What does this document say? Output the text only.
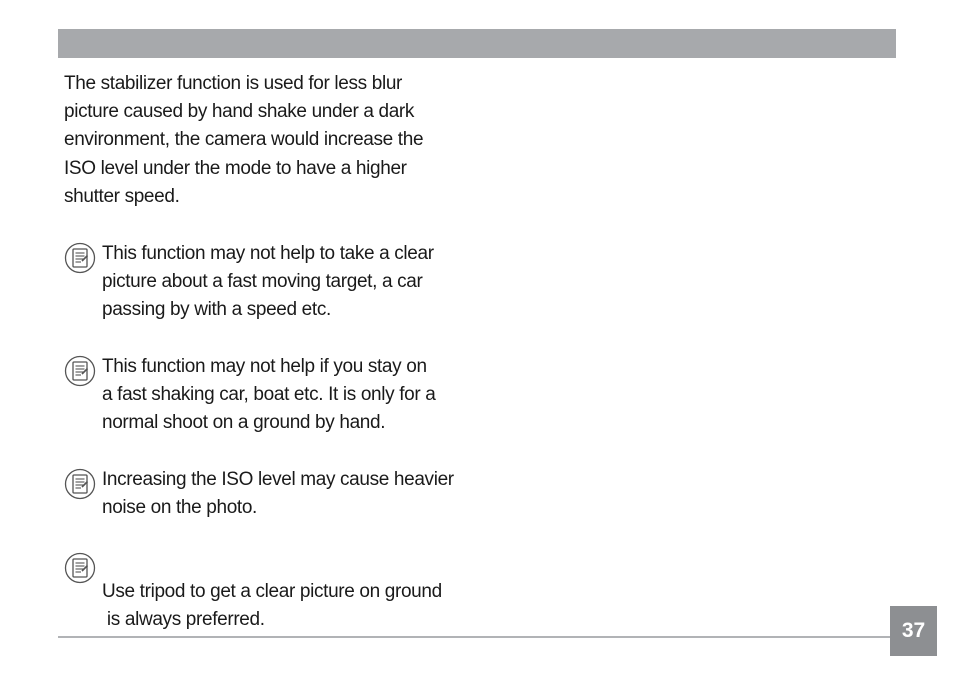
The stabilizer function is used for less blur
picture caused by hand shake under a dark
environment, the camera would increase the
ISO level under the mode to have a higher
shutter speed.

This function may not help to take a clear
picture about a fast moving target, a car
passing by with a speed etc.

This function may not help if you stay on
a fast shaking car, boat etc. It is only for a
normal shoot on a ground by hand.

Increasing the ISO level may cause heavier
noise on the photo.

Use tripod to get a clear picture on ground
is always preferred.	37
